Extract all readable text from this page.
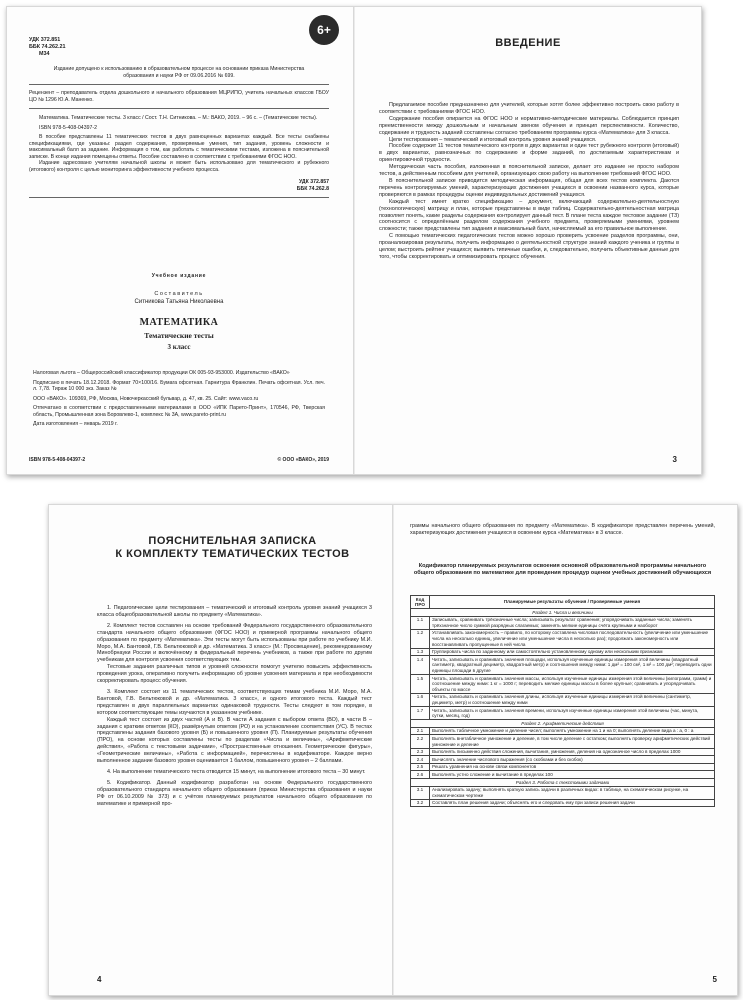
6+
УДК 372.851
ББК 74.262.21
М34

Издание допущено к использованию в образовательном процессе на основании приказа Министерства образования и науки РФ от 09.06.2016 № 699.

Рецензент – преподаватель отдела дошкольного и начального образования МЦРИПО, учитель начальных классов ГБОУ ЦО № 1296 Ю.А. Маненко.

Математика. Тематические тесты. 3 класс / Сост. Т.Н. Ситникова. – М.: ВАКО, 2019. – 96 с. – (Тематические тесты).

ISBN 978-5-408-04397-2

В пособие представлены 11 тематических тестов в двух равноценных вариантах каждый. Все тесты снабжены спецификациями, где указаны: раздел содержания, проверяемые умения, тип задания, уровень сложности и максимальный балл за задание. Информация о том, как работать с тематическими тестами, изложена в пояснительной записке. В конце издания помещены ответы. Пособие составлено в соответствии с требованиями ФГОС НОО.

Издание адресовано учителям начальной школы и может быть использовано для тематического и рубежного (итогового) контроля с целью мониторинга эффективности учебного процесса.

УДК 372.857
ББК 74.262.8
Учебное издание
Составитель
Ситникова Татьяна Николаевна
МАТЕМАТИКА
Тематические тесты
3 класс

Налоговая льгота – Общероссийский классификатор продукции ОК 005-93-953000. Издательство «ВАКО»

Подписано в печать 18.12.2018. Формат 70×100/16. Бумага офсетная. Гарнитура Франклин. Печать офсетная. Усл. печ. л. 7,78. Тираж 10 000 экз. Заказ №

ООО «ВАКО». 109369, РФ, Москва, Новочеркасский бульвар, д. 47, кв. 25. Сайт: www.vaco.ru

Отпечатано в соответствии с предоставленными материалами в ООО «ИПК Парето-Принт», 170546, РФ, Тверская область, Промышленная зона Боровлево-1, комплекс № 3А, www.pareto-print.ru

Дата изготовления – январь 2019 г.

ISBN 978-5-408-04397-2	© ООО «ВАКО», 2019
ВВЕДЕНИЕ

Предлагаемое пособие предназначено для учителей, которые хотят более эффективно построить свою работу в соответствии с требованиями ФГОС НОО.

Содержание пособия опирается на ФГОС НОО и нормативно-методические материалы. Соблюдается принцип преемственности между дошкольным и начальным звеном обучения и принцип перспективности. Количество, содержание и трудность заданий составлены согласно требованиям программы курса «Математика» для 3 класса.

Цели тестирования – тематический и итоговый контроль уровня знаний учащихся.

Пособие содержит 11 тестов тематического контроля в двух вариантах и один тест рубежного контроля (итоговый) в двух вариантах, равнозначных по содержанию и форме заданий, по достигаемым характеристикам и ориентировочной трудности.

Методическая часть пособия, изложенная в пояснительной записке, делает это издание не просто набором тестов, а действенным пособием для учителей, организующих свою работу на выполнение требований ФГОС НОО.

В пояснительной записке приводится методическая информация, общая для всех тестов комплекта. Даются перечень контролируемых умений, характеризующих достижения учащихся в освоении названного курса, которые проверяются в рамках процедуры оценки индивидуальных достижений учащихся.

Каждый тест имеет кратко спецификацию – документ, включающий содержательно-деятельностную (технологическую) матрицу и план, которые представлены в виде таблиц. Содержательно-деятельностная матрица позволяет понять, какие разделы содержания контролирует данный тест. В плане теста каждое тестовое задание (ТЗ) соотносится с определённым разделом содержания учебного предмета, проверяемыми умениями, уровнем сложности; также представлены тип задания и максимальный балл, начисляемый за его правильное выполнение.

С помощью тематических педагогических тестов можно хорошо проверить усвоение разделов программы, они, проанализировав результаты, получить информацию о деятельностной структуре знаний каждого ученика и группы в целом; выстроить рейтинг учащихся; выявить типичные ошибки, и, следовательно, получить объективные данные для того, чтобы скорректировать и оптимизировать процесс обучения.

3
ПОЯСНИТЕЛЬНАЯ ЗАПИСКА
К КОМПЛЕКТУ ТЕМАТИЧЕСКИХ ТЕСТОВ

1. Педагогические цели тестирования – тематический и итоговый контроль уровня знаний учащихся 3 класса общеобразовательной школы по предмету «Математика».

2. Комплект тестов составлен на основе требований Федерального государственного образовательного стандарта начального общего образования (ФГОС НОО) и примерной программы начального общего образования по предмету «Математика». Эти тесты могут быть использованы при работе по учебнику М.И. Моро, М.А. Бантовой, Г.В. Бельтюковой и др. «Математика. 3 класс» (М.: Просвещение), рекомендованному Минобрнауки России и включённому в федеральный перечень учебников, а также при работе по другим учебникам для контроля усвоения соответствующих тем.

Тестовые задания различных типов и уровней сложности помогут учителю повысить эффективность проведения урока, оперативно получить информацию об уровне усвоения материала и при необходимости скорректировать процесс обучения.

3. Комплект состоит из 11 тематических тестов, соответствующих темам учебника М.И. Моро, М.А. Бантовой, Г.В. Бельтюковой и др. «Математика. 3 класс», и одного итогового теста. Каждый тест представлен в двух параллельных вариантах одинаковой трудности. Тесты следуют в том порядке, в котором соответствующие темы изучаются в указанном учебнике.

Каждый тест состоит из двух частей (А и В). В части А задания с выбором ответа (ВО), в части В – задания с кратким ответом (КО), развёрнутым ответом (РО) и на установление соответствия (УС). В тестах представлены задания базового уровня (Б) и повышенного уровня (П). Планируемые результаты обучения (ПРО), на основе которых составлены тесты по разделам «Числа и величины», «Арифметические действия», «Работа с текстовыми задачами», «Пространственные отношения. Геометрические фигуры», «Геометрические величины», «Работа с информацией», перечислены в кодификаторе. Каждое верно выполненное задание базового уровня оценивается 1 баллом, повышенного уровня – 2 баллами.

4. На выполнение тематического теста отводится 15 минут, на выполнение итогового теста – 30 минут.

5. Кодификатор. Данный кодификатор разработан на основе Федерального государственного образовательного стандарта начального общего образования (приказ Министерства образования и науки РФ от 06.10.2009 № 373) и с учётом планируемых результатов начального общего образования по математике и примерной про-

4

граммы начального общего образования по предмету «Математика». В кодификаторе представлен перечень умений, характеризующих достижения учащихся в освоении курса «Математика» в 3 классе.

Кодификатор планируемых результатов освоения основной образовательной программы начального общего образования по математике для проведения процедур оценки учебных достижений обучающихся

Код ПРО	Планируемые результаты обучения / Проверяемые умения
Раздел 1. Числа и величины	
1.1	Записывать, сравнивать трёхзначные числа; записывать результат сравнения; упорядочивать заданные числа; заменять трёхзначное число суммой разрядных слагаемых; заменять мелкие единицы счёта крупными и наоборот
1.2	Устанавливать закономерность – правило, по которому составлена числовая последовательность (увеличение или уменьшение числа на несколько единиц, увеличение или уменьшение числа в несколько раз); продолжать закономерность или восстанавливать пропущенные в ней числа
1.3	Группировать числа по заданному или самостоятельно установленному одному или нескольким признакам
1.4	Читать, записывать и сравнивать значения площади, используя изученные единицы измерения этой величины (квадратный сантиметр, квадратный дециметр, квадратный метр) и соотношения между ними: 1 дм² = 100 см², 1 м² = 100 дм²; переводить одни единицы площади в другие
1.5	Читать, записывать и сравнивать значения массы, используя изученные единицы измерения этой величины (килограмм, грамм) и соотношение между ними: 1 кг = 1000 г; переводить мелкие единицы массы в более крупные; сравнивать и упорядочивать объекты по массе
1.6	Читать, записывать и сравнивать значения длины, используя изученные единицы измерения этой величины (сантиметр, дециметр, метр) и соотношение между ними
1.7	Читать, записывать и сравнивать значения времени, используя изученные единицы измерения этой величины (час, минута, сутки, месяц, год)
Раздел 2. Арифметические действия	
2.1	Выполнять табличное умножение и деление чисел; выполнять умножение на 1 и на 0; выполнять деление вида а : а, 0 : а
2.2	Выполнять внетабличное умножение и деление, в том числе деление с остатком; выполнять проверку арифметических действий умножение и деление
2.3	Выполнять письменно действия сложения, вычитания, умножения, деления на однозначное число в пределах 1000
2.4	Вычислять значение числового выражения (со скобками и без скобок)
2.5	Решать уравнения на основе связи компонентов
2.6	Выполнять устно сложение и вычитание в пределах 100
Раздел 3. Работа с текстовыми задачами	
3.1	Анализировать задачу; выполнять краткую запись задачи в различных видах: в таблице, на схематическом рисунке, на схематическом чертеже
3.2	Составлять план решения задачи; объяснять его и следовать ему при записи решения задачи
5
